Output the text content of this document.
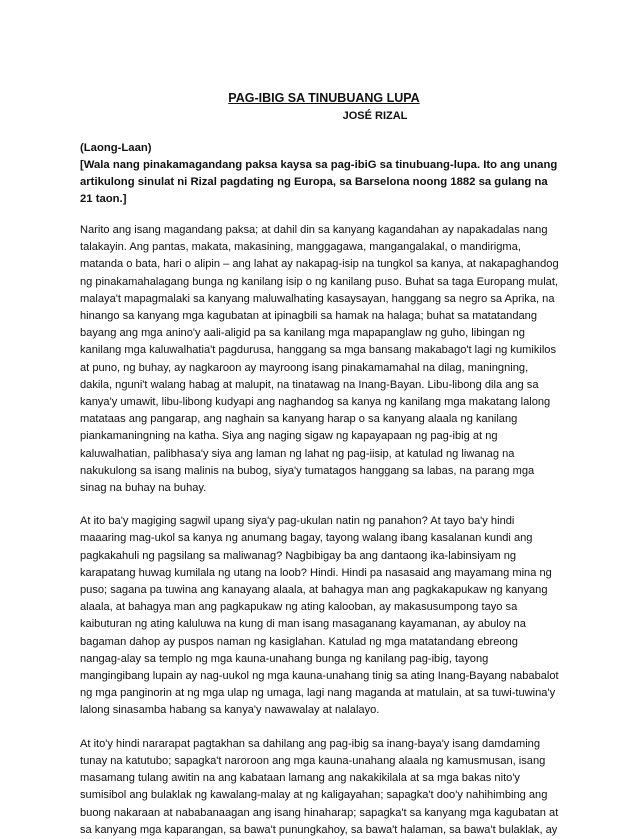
PAG-IBIG SA TINUBUANG LUPA

JOSÉ RIZAL

(Laong-Laan)
[Wala nang pinakamagandang paksa kaysa sa pag-ibiG sa tinubuang-lupa. Ito ang unang artikulong sinulat ni Rizal pagdating ng Europa, sa Barselona noong 1882 sa gulang na 21 taon.]

Narito ang isang magandang paksa; at dahil din sa kanyang kagandahan ay napakadalas nang talakayin. Ang pantas, makata, makasining, manggagawa, mangangalakal, o mandirigma, matanda o bata, hari o alipin – ang lahat ay nakapag-isip na tungkol sa kanya, at nakapaghandog ng pinakamahalagang bunga ng kanilang isip o ng kanilang puso. Buhat sa taga Europang mulat, malaya't mapagmalaki sa kanyang maluwalhating kasaysayan, hanggang sa negro sa Aprika, na hinango sa kanyang mga kagubatan at ipinagbili sa hamak na halaga; buhat sa matatandang bayang ang mga anino'y aali-aligid pa sa kanilang mga mapapanglaw ng guho, libingan ng kanilang mga kaluwalhatia't pagdurusa, hanggang sa mga bansang makabago't lagi ng kumikilos at puno, ng buhay, ay nagkaroon ay mayroong isang pinakamamahal na dilag, maningning, dakila, nguni't walang habag at malupit, na tinatawag na Inang-Bayan. Libu-libong dila ang sa kanya'y umawit, libu-libong kudyapi ang naghandog sa kanya ng kanilang mga makatang lalong matataas ang pangarap, ang naghain sa kanyang harap o sa kanyang alaala ng kanilang piankamaningning na katha. Siya ang naging sigaw ng kapayapaan ng pag-ibig at ng kaluwalhatian, palibhasa'y siya ang laman ng lahat ng pag-iisip, at katulad ng liwanag na nakukulong sa isang malinis na bubog, siya'y tumatagos hanggang sa labas, na parang mga sinag na buhay na buhay.

At ito ba'y magiging sagwil upang siya'y pag-ukulan natin ng panahon? At tayo ba'y hindi maaaring mag-ukol sa kanya ng anumang bagay, tayong walang ibang kasalanan kundi ang pagkakahuli ng pagsilang sa maliwanag? Nagbibigay ba ang dantaong ika-labinsiyam ng karapatang huwag kumilala ng utang na loob? Hindi. Hindi pa nasasaid ang mayamang mina ng puso; sagana pa tuwina ang kanayang alaala, at bahagya man ang pagkakapukaw ng kanyang alaala, at bahagya man ang pagkapukaw ng ating kalooban, ay makasusumpong tayo sa kaibuturan ng ating kaluluwa na kung di man isang masaganang kayamanan, ay abuloy na bagaman dahop ay puspos naman ng kasiglahan. Katulad ng mga matatandang ebreong nangag-alay sa templo ng mga kauna-unahang bunga ng kanilang pag-ibig, tayong mangingibang lupain ay nag-uukol ng mga kauna-unahang tinig sa ating Inang-Bayang nababalot ng mga panginorin at ng mga ulap ng umaga, lagi nang maganda at matulain, at sa tuwi-tuwina'y lalong sinasamba habang sa kanya'y nawawalay at nalalayo.

At ito'y hindi nararapat pagtakhan sa dahilang ang pag-ibig sa inang-baya'y isang damdaming tunay na katutubo; sapagka't naroroon ang mga kauna-unahang alaala ng kamusmusan, isang masamang tulang awitin na ang kabataan lamang ang nakakikilala at sa mga bakas nito'y sumisibol ang bulaklak ng kawalang-malay at ng kaligayahan; sapagka't doo'y nahihimbing ang buong nakaraan at nababanaagan ang isang hinaharap; sapagka't sa kanyang mga kagubatan at sa kanyang mga kaparangan, sa bawa't punungkahoy, sa bawa't halaman, sa bawa't bulaklak, ay
